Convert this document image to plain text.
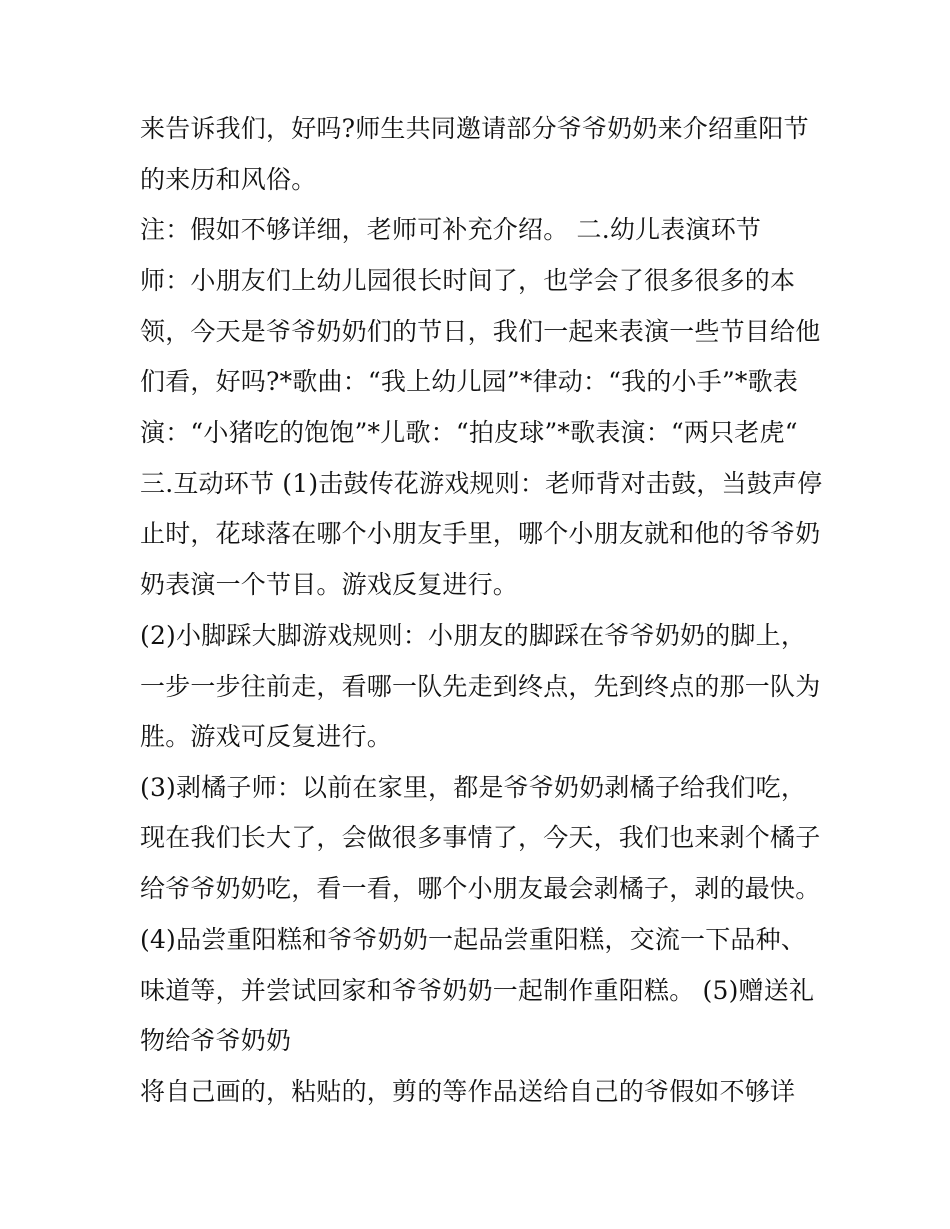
来告诉我们，好吗?师生共同邀请部分爷爷奶奶来介绍重阳节
的来历和风俗。
注：假如不够详细，老师可补充介绍。 二.幼儿表演环节
师：小朋友们上幼儿园很长时间了，也学会了很多很多的本
领，今天是爷爷奶奶们的节日，我们一起来表演一些节目给他
们看，好吗?*歌曲：“我上幼儿园”*律动：“我的小手”*歌表
演：“小猪吃的饱饱”*儿歌：“拍皮球”*歌表演：“两只老虎“
三.互动环节 (1)击鼓传花游戏规则：老师背对击鼓，当鼓声停
止时，花球落在哪个小朋友手里，哪个小朋友就和他的爷爷奶
奶表演一个节目。游戏反复进行。
(2)小脚踩大脚游戏规则：小朋友的脚踩在爷爷奶奶的脚上，
一步一步往前走，看哪一队先走到终点，先到终点的那一队为
胜。游戏可反复进行。
(3)剥橘子师：以前在家里，都是爷爷奶奶剥橘子给我们吃，
现在我们长大了，会做很多事情了，今天，我们也来剥个橘子
给爷爷奶奶吃，看一看，哪个小朋友最会剥橘子，剥的最快。
(4)品尝重阳糕和爷爷奶奶一起品尝重阳糕，交流一下品种、
味道等，并尝试回家和爷爷奶奶一起制作重阳糕。 (5)赠送礼
物给爷爷奶奶
将自己画的，粘贴的，剪的等作品送给自己的爷假如不够详
